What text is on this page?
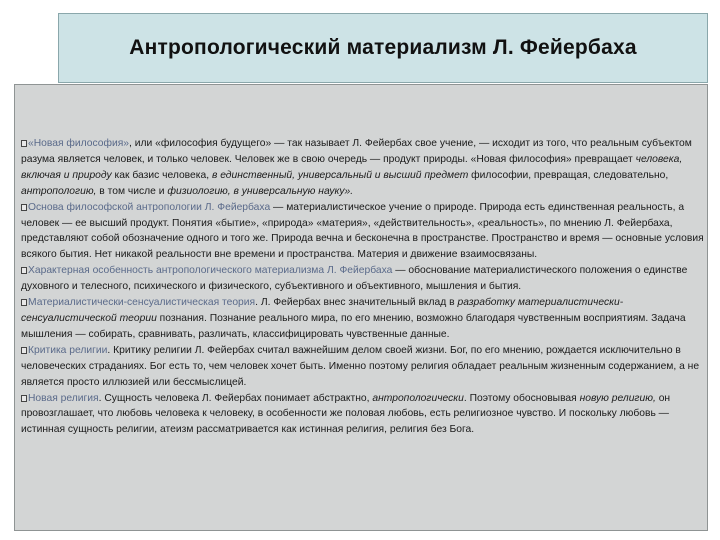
Антропологический материализм Л. Фейербаха

«Новая философия», или «философия будущего» — так называет Л. Фейербах свое учение, — исходит из того, что реальным субъектом разума является человек, и только человек. Человек же в свою очередь — продукт природы. «Новая философия» превращает человека, включая и природу как базис человека, в единственный, универсальный и высший предмет философии, превращая, следовательно, антропологию, в том числе и физиологию, в универсальную науку».

Основа философской антропологии Л. Фейербаха — материалистическое учение о природе. Природа есть единственная реальность, а человек — ее высший продукт. Понятия «бытие», «природа» «материя», «действительность», «реальность», по мнению Л. Фейербаха, представляют собой обозначение одного и того же. Природа вечна и бесконечна в пространстве. Пространство и время — основные условия всякого бытия. Нет никакой реальности вне времени и пространства. Материя и движение взаимосвязаны.

Характерная особенность антропологического материализма Л. Фейербаха — обоснование материалистического положения о единстве духовного и телесного, психического и физического, субъективного и объективного, мышления и бытия.

Материалистически-сенсуалистическая теория. Л. Фейербах внес значительный вклад в разработку материалистически-сенсуалистической теории познания. Познание реального мира, по его мнению, возможно благодаря чувственным восприятиям. Задача мышления — собирать, сравнивать, различать, классифицировать чувственные данные.

Критика религии. Критику религии Л. Фейербах считал важнейшим делом своей жизни. Бог, по его мнению, рождается исключительно в человеческих страданиях. Бог есть то, чем человек хочет быть. Именно поэтому религия обладает реальным жизненным содержанием, а не является просто иллюзией или бессмыслицей.

Новая религия. Сущность человека Л. Фейербах понимает абстрактно, антропологически. Поэтому обосновывая новую религию, он провозглашает, что любовь человека к человеку, в особенности же половая любовь, есть религиозное чувство. И поскольку любовь — истинная сущность религии, атеизм рассматривается как истинная религия, религия без Бога.
